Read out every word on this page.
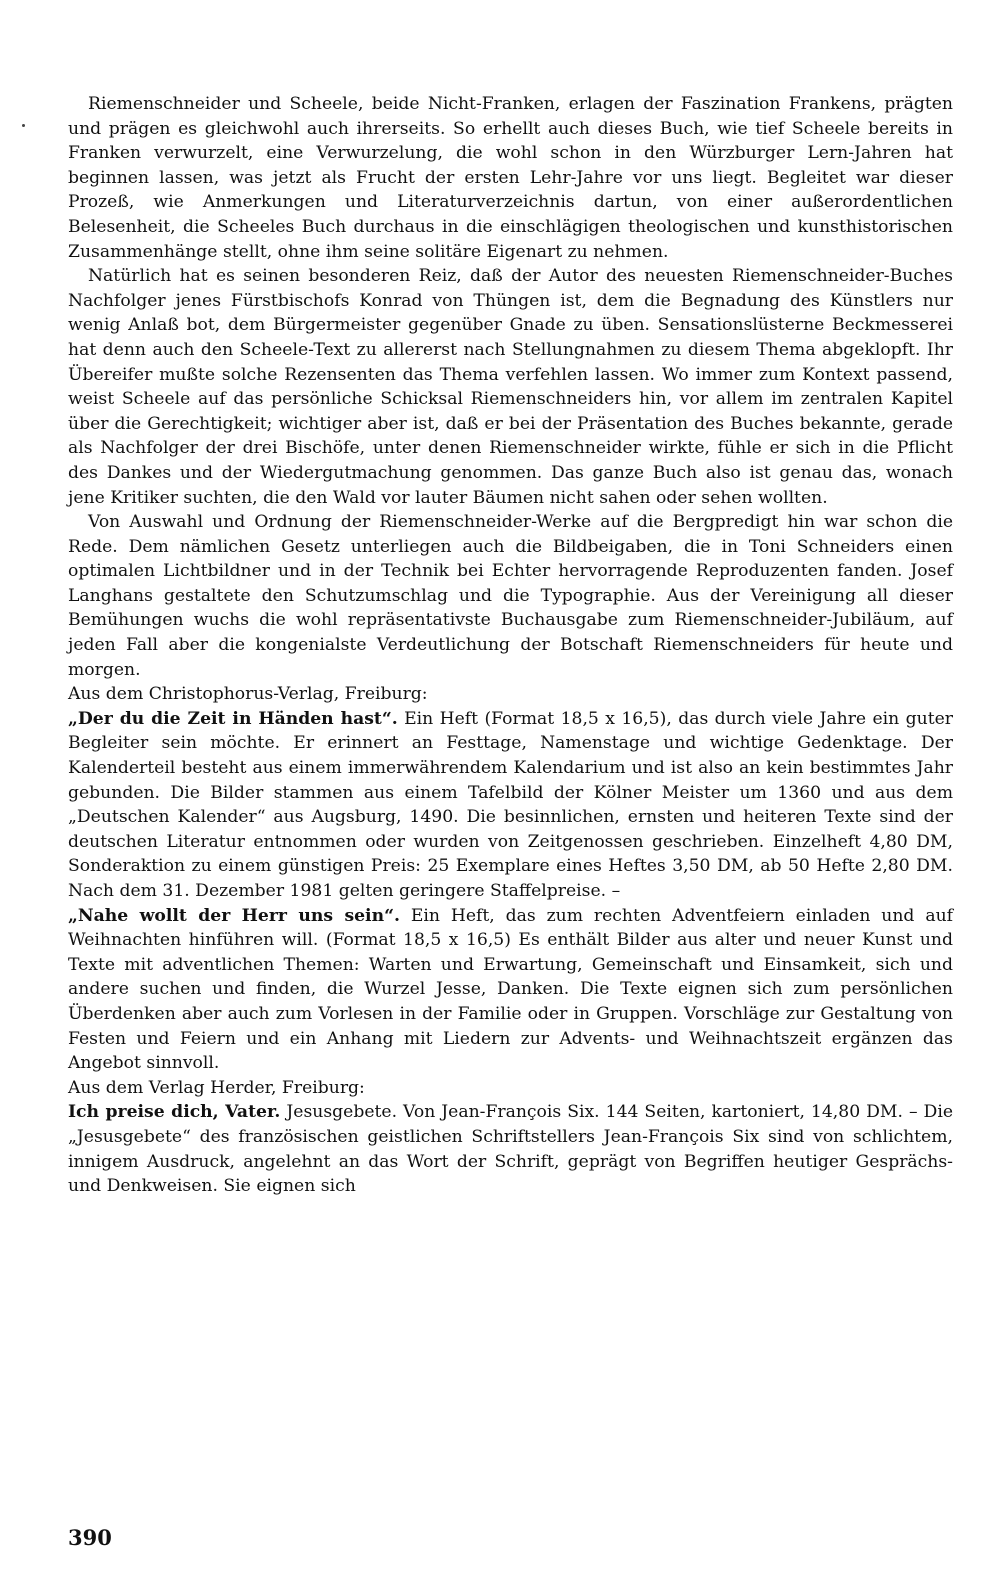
Riemenschneider und Scheele, beide Nicht-Franken, erlagen der Faszination Frankens, prägten und prägen es gleichwohl auch ihrerseits. So erhellt auch dieses Buch, wie tief Scheele bereits in Franken verwurzelt, eine Verwurzelung, die wohl schon in den Würzburger Lern-Jahren hat beginnen lassen, was jetzt als Frucht der ersten Lehr-Jahre vor uns liegt. Begleitet war dieser Prozeß, wie Anmerkungen und Literaturverzeichnis dartun, von einer außerordentlichen Belesenheit, die Scheeles Buch durchaus in die einschlägigen theologischen und kunsthistorischen Zusammenhänge stellt, ohne ihm seine solitäre Eigenart zu nehmen.

Natürlich hat es seinen besonderen Reiz, daß der Autor des neuesten Riemenschneider-Buches Nachfolger jenes Fürstbischofs Konrad von Thüngen ist, dem die Begnadung des Künstlers nur wenig Anlaß bot, dem Bürgermeister gegenüber Gnade zu üben. Sensationslüsterne Beckmesserei hat denn auch den Scheele-Text zu allererst nach Stellungnahmen zu diesem Thema abgeklopft. Ihr Übereifer mußte solche Rezensenten das Thema verfehlen lassen. Wo immer zum Kontext passend, weist Scheele auf das persönliche Schicksal Riemenschneiders hin, vor allem im zentralen Kapitel über die Gerechtigkeit; wichtiger aber ist, daß er bei der Präsentation des Buches bekannte, gerade als Nachfolger der drei Bischöfe, unter denen Riemenschneider wirkte, fühle er sich in die Pflicht des Dankes und der Wiedergutmachung genommen. Das ganze Buch also ist genau das, wonach jene Kritiker suchten, die den Wald vor lauter Bäumen nicht sahen oder sehen wollten.

Von Auswahl und Ordnung der Riemenschneider-Werke auf die Bergpredigt hin war schon die Rede. Dem nämlichen Gesetz unterliegen auch die Bildbeigaben, die in Toni Schneiders einen optimalen Lichtbildner und in der Technik bei Echter hervorragende Reproduzenten fanden. Josef Langhans gestaltete den Schutzumschlag und die Typographie. Aus der Vereinigung all dieser Bemühungen wuchs die wohl repräsentativste Buchausgabe zum Riemenschneider-Jubiläum, auf jeden Fall aber die kongenialste Verdeutlichung der Botschaft Riemenschneiders für heute und morgen.

Aus dem Christophorus-Verlag, Freiburg:

„Der du die Zeit in Händen hast“. Ein Heft (Format 18,5 x 16,5), das durch viele Jahre ein guter Begleiter sein möchte. Er erinnert an Festtage, Namenstage und wichtige Gedenktage. Der Kalenderteil besteht aus einem immerwährendem Kalendarium und ist also an kein bestimmtes Jahr gebunden. Die Bilder stammen aus einem Tafelbild der Kölner Meister um 1360 und aus dem „Deutschen Kalender“ aus Augsburg, 1490. Die besinnlichen, ernsten und heiteren Texte sind der deutschen Literatur entnommen oder wurden von Zeitgenossen geschrieben. Einzelheft 4,80 DM, Sonderaktion zu einem günstigen Preis: 25 Exemplare eines Heftes 3,50 DM, ab 50 Hefte 2,80 DM. Nach dem 31. Dezember 1981 gelten geringere Staffelpreise. –

„Nahe wollt der Herr uns sein“. Ein Heft, das zum rechten Adventfeiern einladen und auf Weihnachten hinführen will. (Format 18,5 x 16,5) Es enthält Bilder aus alter und neuer Kunst und Texte mit adventlichen Themen: Warten und Erwartung, Gemeinschaft und Einsamkeit, sich und andere suchen und finden, die Wurzel Jesse, Danken. Die Texte eignen sich zum persönlichen Überdenken aber auch zum Vorlesen in der Familie oder in Gruppen. Vorschläge zur Gestaltung von Festen und Feiern und ein Anhang mit Liedern zur Advents- und Weihnachtszeit ergänzen das Angebot sinnvoll.

Aus dem Verlag Herder, Freiburg:

Ich preise dich, Vater. Jesusgebete. Von Jean-François Six. 144 Seiten, kartoniert, 14,80 DM. – Die „Jesusgebete“ des französischen geistlichen Schriftstellers Jean-François Six sind von schlichtem, innigem Ausdruck, angelehnt an das Wort der Schrift, geprägt von Begriffen heutiger Gesprächs- und Denkweisen. Sie eignen sich

390
